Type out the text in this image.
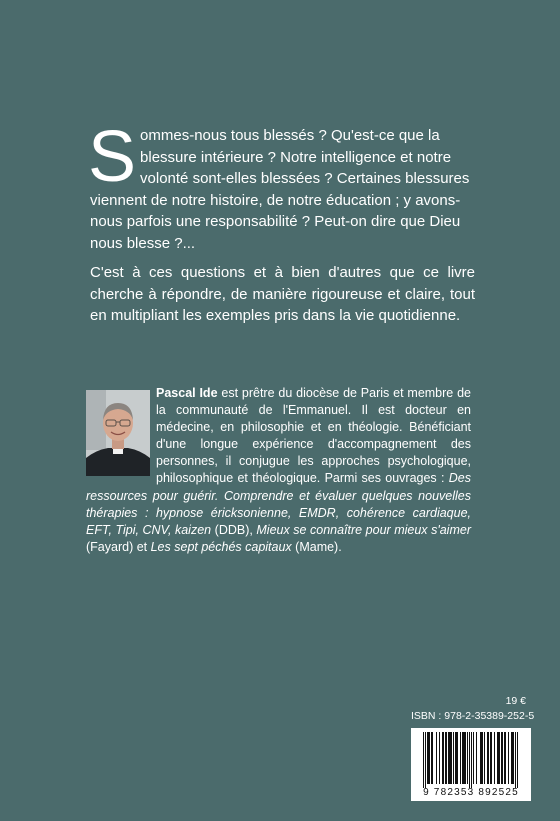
Sommes-nous tous blessés ? Qu'est-ce que la blessure intérieure ? Notre intelligence et notre volonté sont-elles blessées ? Certaines blessures viennent de notre histoire, de notre éducation ; y avons-nous parfois une responsabilité ? Peut-on dire que Dieu nous blesse ?...

C'est à ces questions et à bien d'autres que ce livre cherche à répondre, de manière rigoureuse et claire, tout en multipliant les exemples pris dans la vie quotidienne.

Pascal Ide est prêtre du diocèse de Paris et membre de la communauté de l'Emmanuel. Il est docteur en médecine, en philosophie et en théologie. Bénéficiant d'une longue expérience d'accompagnement des personnes, il conjugue les approches psychologique, philosophique et théologique. Parmi ses ouvrages : Des ressources pour guérir. Comprendre et évaluer quelques nouvelles thérapies : hypnose éricksonienne, EMDR, cohérence cardiaque, EFT, Tipi, CNV, kaizen (DDB), Mieux se connaître pour mieux s'aimer (Fayard) et Les sept péchés capitaux (Mame).

19 €
ISBN : 978-2-35389-252-5
9 782353 892525
